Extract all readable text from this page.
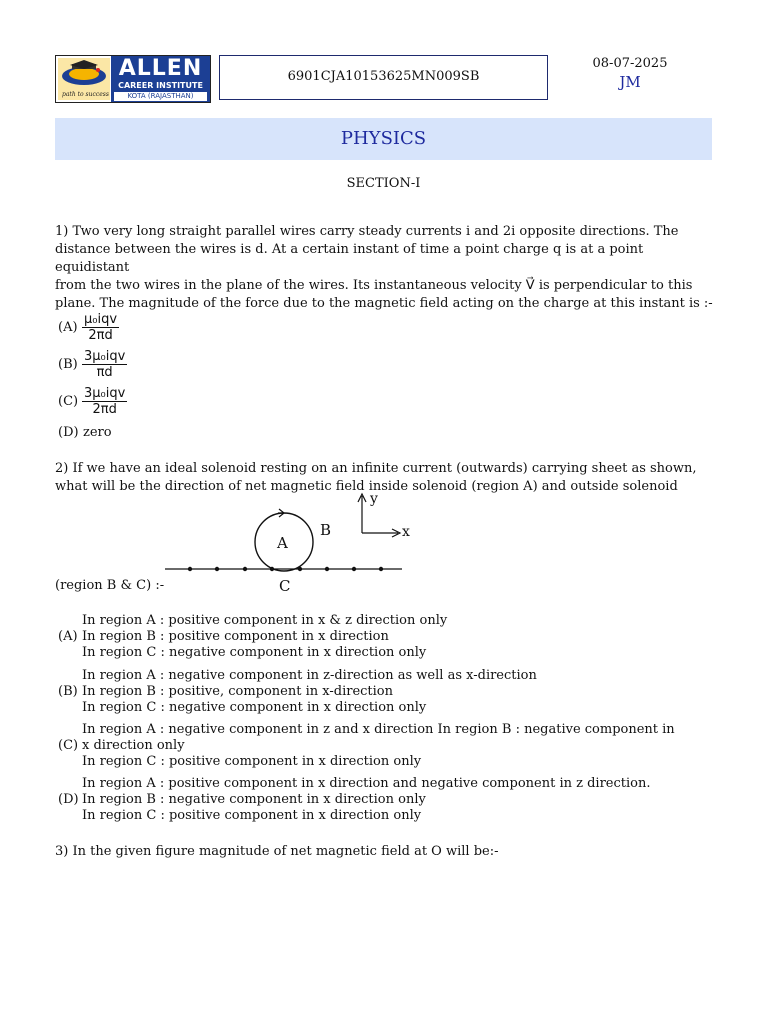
path to success
ALLEN
CAREER INSTITUTE
KOTA (RAJASTHAN)
6901CJA10153625MN009SB
08-07-2025
JM
PHYSICS
SECTION-I
1) Two very long straight parallel wires carry steady currents i and 2i opposite directions. The
distance between the wires is d. At a certain instant of time a point charge q is at a point equidistant
from the two wires in the plane of the wires. Its instantaneous velocity V⃗ is perpendicular to this
plane. The magnitude of the force due to the magnetic field acting on the charge at this instant is :-
(A)
μ₀iqv
2πd
(B)
3μ₀iqv
πd
(C)
3μ₀iqv
2πd
(D) zero
2) If we have an ideal solenoid resting on an infinite current (outwards) carrying sheet as shown,
what will be the direction of net magnetic field inside solenoid (region A) and outside solenoid
A
B
C
y
x
(region B & C) :-
(A)
In region A : positive component in x & z direction only
In region B : positive component in x direction
In region C : negative component in x direction only
(B)
In region A : negative component in z-direction as well as x-direction
In region B : positive, component in x-direction
In region C : negative component in x direction only
(C)
In region A : negative component in z and x direction In region B : negative component in
x direction only
In region C : positive component in x direction only
(D)
In region A : positive component in x direction and negative component in z direction.
In region B : negative component in x direction only
In region C : positive component in x direction only
3) In the given figure magnitude of net magnetic field at O will be:-
